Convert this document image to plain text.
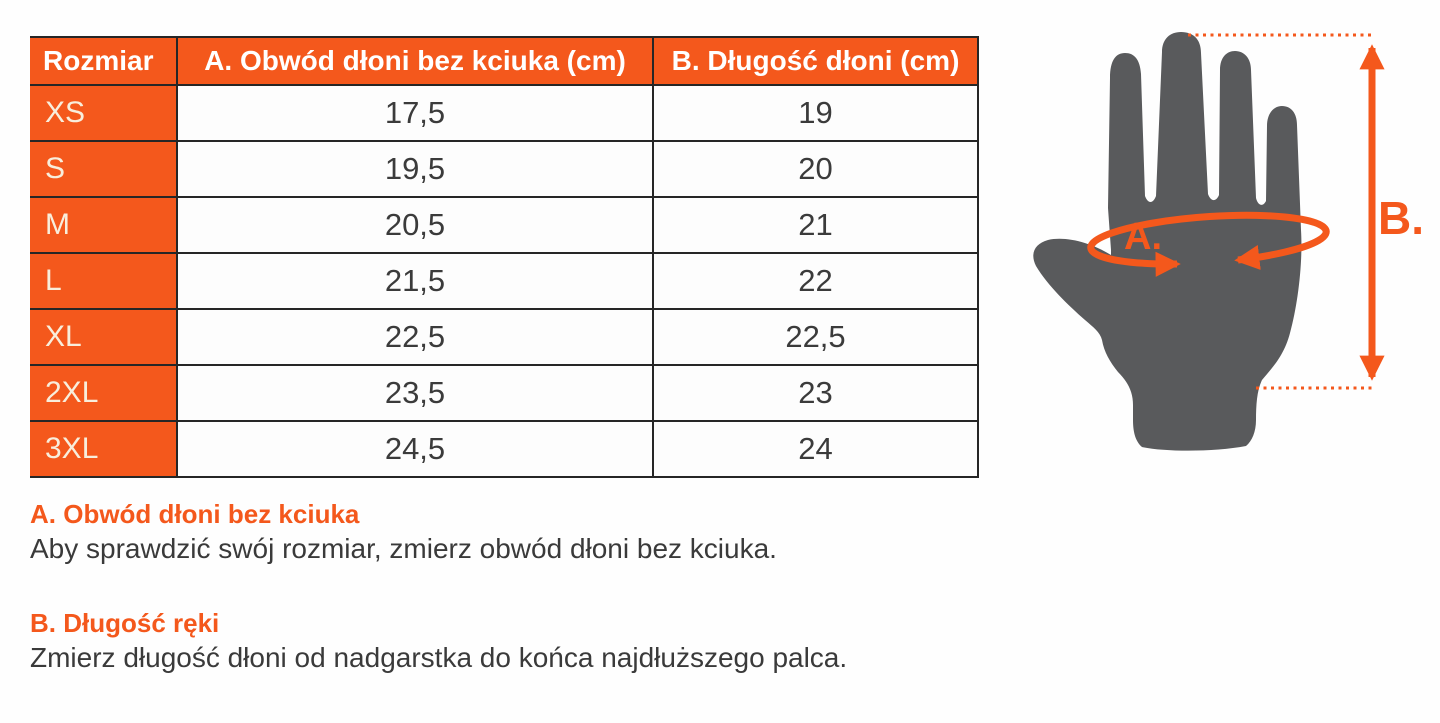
Rozmiar	A. Obwód dłoni bez kciuka (cm)	B. Długość dłoni (cm)
XS	17,5	19
S	19,5	20
M	20,5	21
L	21,5	22
XL	22,5	22,5
2XL	23,5	23
3XL	24,5	24
A. Obwód dłoni bez kciuka
Aby sprawdzić swój rozmiar, zmierz obwód dłoni bez kciuka.
B. Długość ręki
Zmierz długość dłoni od nadgarstka do końca najdłuższego palca.
A.	B.
